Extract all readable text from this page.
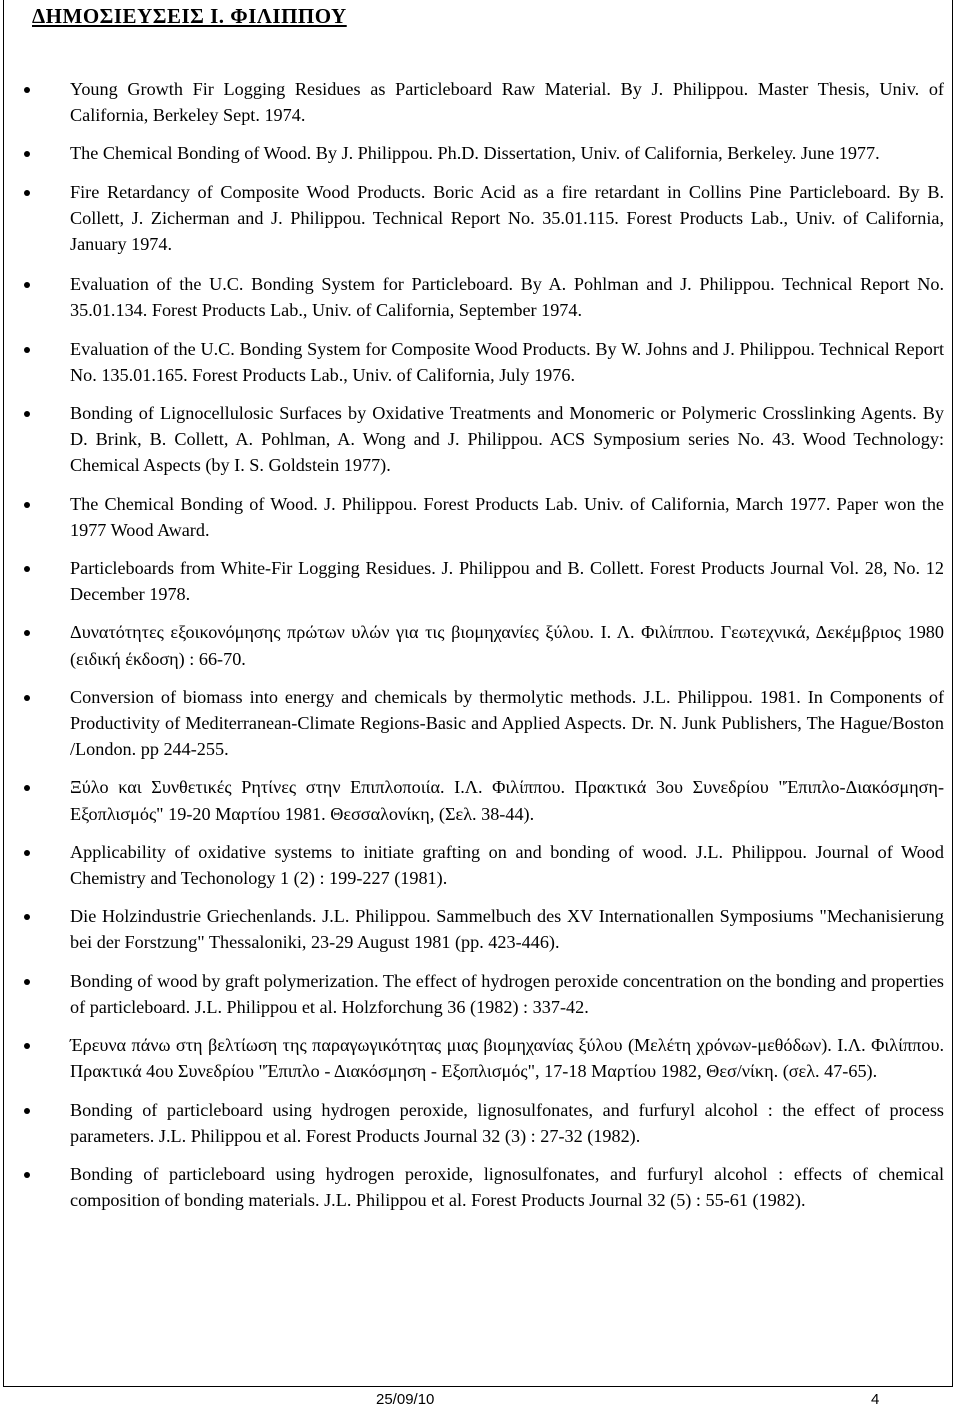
ΔΗΜΟΣΙΕΥΣΕΙΣ Ι. ΦΙΛΙΠΠΟΥ
Young Growth Fir Logging Residues as Particleboard Raw Material. By J. Philippou. Master Thesis, Univ. of California, Berkeley Sept. 1974.
The Chemical Bonding of Wood. By J. Philippou. Ph.D. Dissertation, Univ. of California, Berkeley. June 1977.
Fire Retardancy of Composite Wood Products. Boric Acid as a fire retardant in Collins Pine Particleboard. By B. Collett, J. Zicherman and J. Philippou. Technical Report No. 35.01.115. Forest Products Lab., Univ. of California, January 1974.
Evaluation of the U.C. Bonding System for Particleboard. By A. Pohlman and J. Philippou. Technical Report No. 35.01.134. Forest Products Lab., Univ. of California, September 1974.
Evaluation of the U.C. Bonding System for Composite Wood Products. By W. Johns and J. Philippou. Technical Report No. 135.01.165. Forest Products Lab., Univ. of California, July 1976.
Bonding of Lignocellulosic Surfaces by Oxidative Treatments and Monomeric or Polymeric Crosslinking Agents. By D. Brink, B. Collett, A. Pohlman, A. Wong and J. Philippou. ACS Symposium series No. 43. Wood Technology: Chemical Aspects (by I. S. Goldstein 1977).
The Chemical Bonding of Wood. J. Philippou. Forest Products Lab. Univ. of California, March 1977. Paper won the 1977 Wood Award.
Particleboards from White-Fir Logging Residues. J. Philippou and B. Collett. Forest Products Journal Vol. 28, No. 12 December 1978.
Δυνατότητες εξοικονόμησης πρώτων υλών για τις βιομηχανίες ξύλου. Ι. Λ. Φιλίππου. Γεωτεχνικά, Δεκέμβριος 1980 (ειδική έκδοση) : 66-70.
Conversion of biomass into energy and chemicals by thermolytic methods. J.L. Philippou. 1981. In Components of Productivity of Mediterranean-Climate Regions-Basic and Applied Aspects. Dr. N. Junk Publishers, The Hague/Boston /London. pp 244-255.
Ξύλο και Συνθετικές Ρητίνες στην Επιπλοποιία. Ι.Λ. Φιλίππου. Πρακτικά 3ου Συνεδρίου "Έπιπλο-Διακόσμηση-Εξοπλισμός" 19-20 Μαρτίου 1981. Θεσσαλονίκη, (Σελ. 38-44).
Applicability of oxidative systems to initiate grafting on and bonding of wood. J.L. Philippou. Journal of Wood Chemistry and Techonology 1 (2) : 199-227 (1981).
Die Holzindustrie Griechenlands. J.L. Philippou. Sammelbuch des XV Internationallen Symposiums "Mechanisierung bei der Forstzung" Thessaloniki, 23-29 August 1981 (pp. 423-446).
Bonding of wood by graft polymerization. The effect of hydrogen peroxide concentration on the bonding and properties of particleboard. J.L. Philippou et al. Holzforchung 36 (1982) : 337-42.
Έρευνα πάνω στη βελτίωση της παραγωγικότητας μιας βιομηχανίας ξύλου (Μελέτη χρόνων-μεθόδων). Ι.Λ. Φιλίππου. Πρακτικά 4ου Συνεδρίου "Έπιπλο - Διακόσμηση - Εξοπλισμός", 17-18 Μαρτίου 1982, Θεσ/νίκη. (σελ. 47-65).
Bonding of particleboard using hydrogen peroxide, lignosulfonates, and furfuryl alcohol : the effect of process parameters. J.L. Philippou et al. Forest Products Journal 32 (3) : 27-32 (1982).
Bonding of particleboard using hydrogen peroxide, lignosulfonates, and furfuryl alcohol : effects of chemical composition of bonding materials. J.L. Philippou et al. Forest Products Journal 32 (5) : 55-61 (1982).
25/09/10	4
